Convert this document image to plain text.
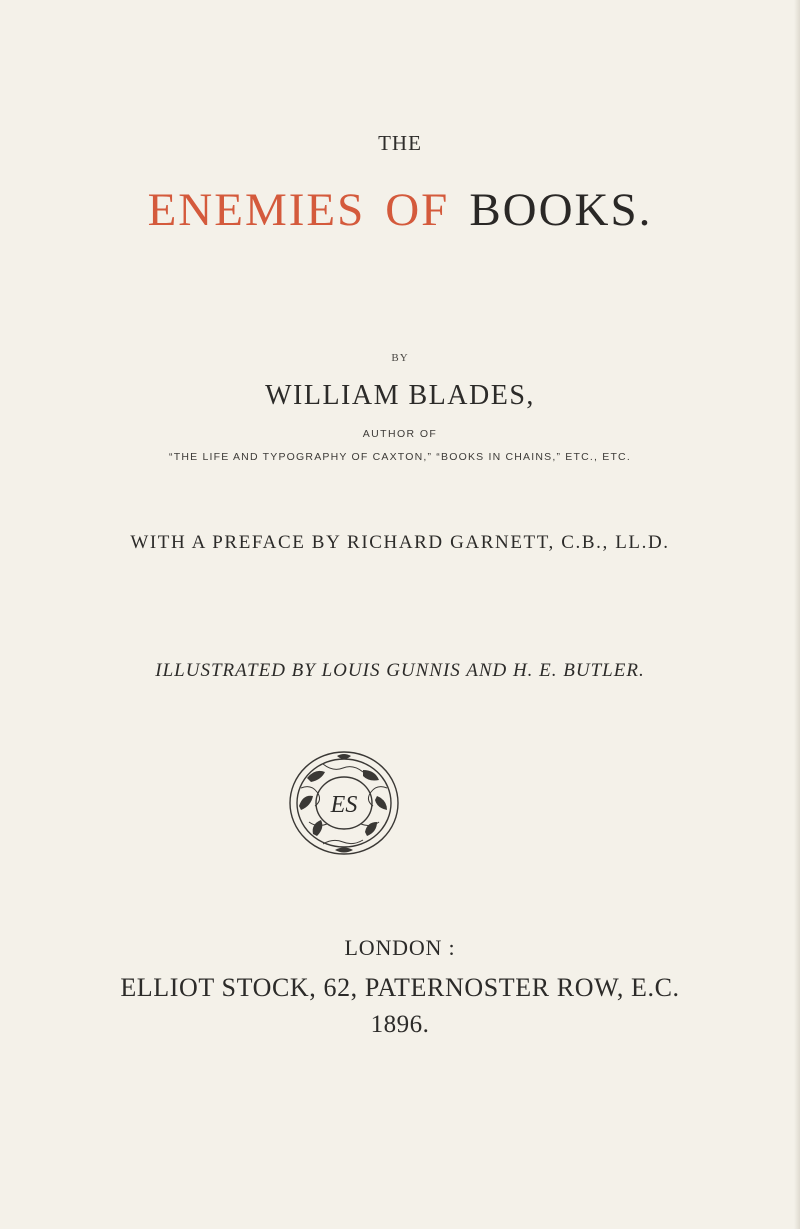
THE
ENEMIES OF BOOKS.
BY
WILLIAM BLADES,
AUTHOR OF
“THE LIFE AND TYPOGRAPHY OF CAXTON,” “BOOKS IN CHAINS,” ETC., ETC.
WITH A PREFACE BY RICHARD GARNETT, C.B., LL.D.
ILLUSTRATED BY LOUIS GUNNIS AND H. E. BUTLER.
ES
LONDON :
ELLIOT STOCK, 62, PATERNOSTER ROW, E.C.
1896.
